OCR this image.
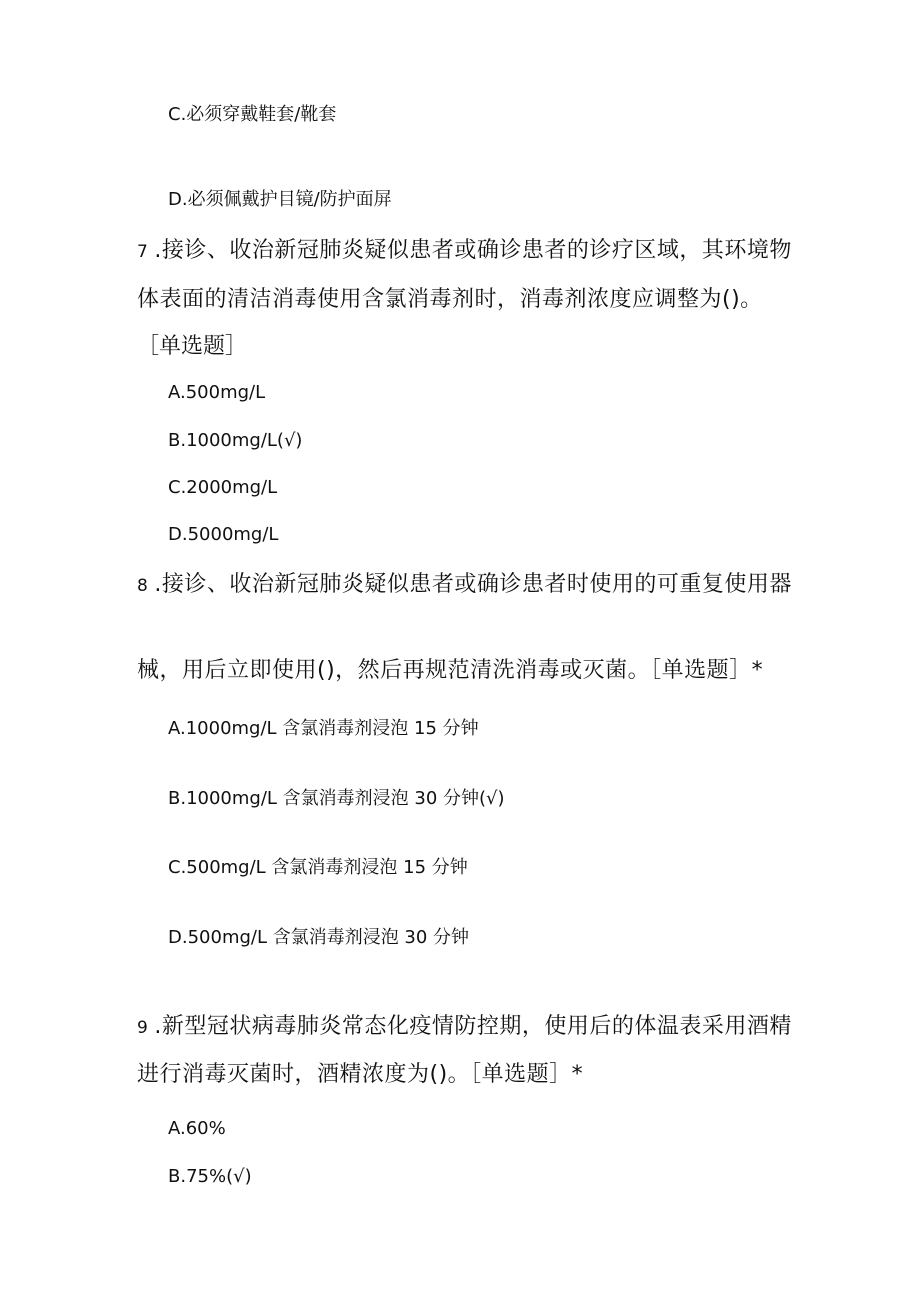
C.必须穿戴鞋套/靴套
D.必须佩戴护目镜/防护面屏
7 .接诊、收治新冠肺炎疑似患者或确诊患者的诊疗区域，其环境物
体表面的清洁消毒使用含氯消毒剂时，消毒剂浓度应调整为()。
［单选题］
A.500mg∕L
B.1000mg∕L(√)
C.2000mg∕L
D.5000mg∕L
8 .接诊、收治新冠肺炎疑似患者或确诊患者时使用的可重复使用器
械，用后立即使用()，然后再规范清洗消毒或灭菌。［单选题］*
A.1000mg∕L 含氯消毒剂浸泡 15 分钟
B.1000mg/L 含氯消毒剂浸泡 30 分钟(√)
C.500mg∕L 含氯消毒剂浸泡 15 分钟
D.500mg∕L 含氯消毒剂浸泡 30 分钟
9 .新型冠状病毒肺炎常态化疫情防控期，使用后的体温表采用酒精
进行消毒灭菌时，酒精浓度为()。［单选题］*
A.60%
B.75%(√)
